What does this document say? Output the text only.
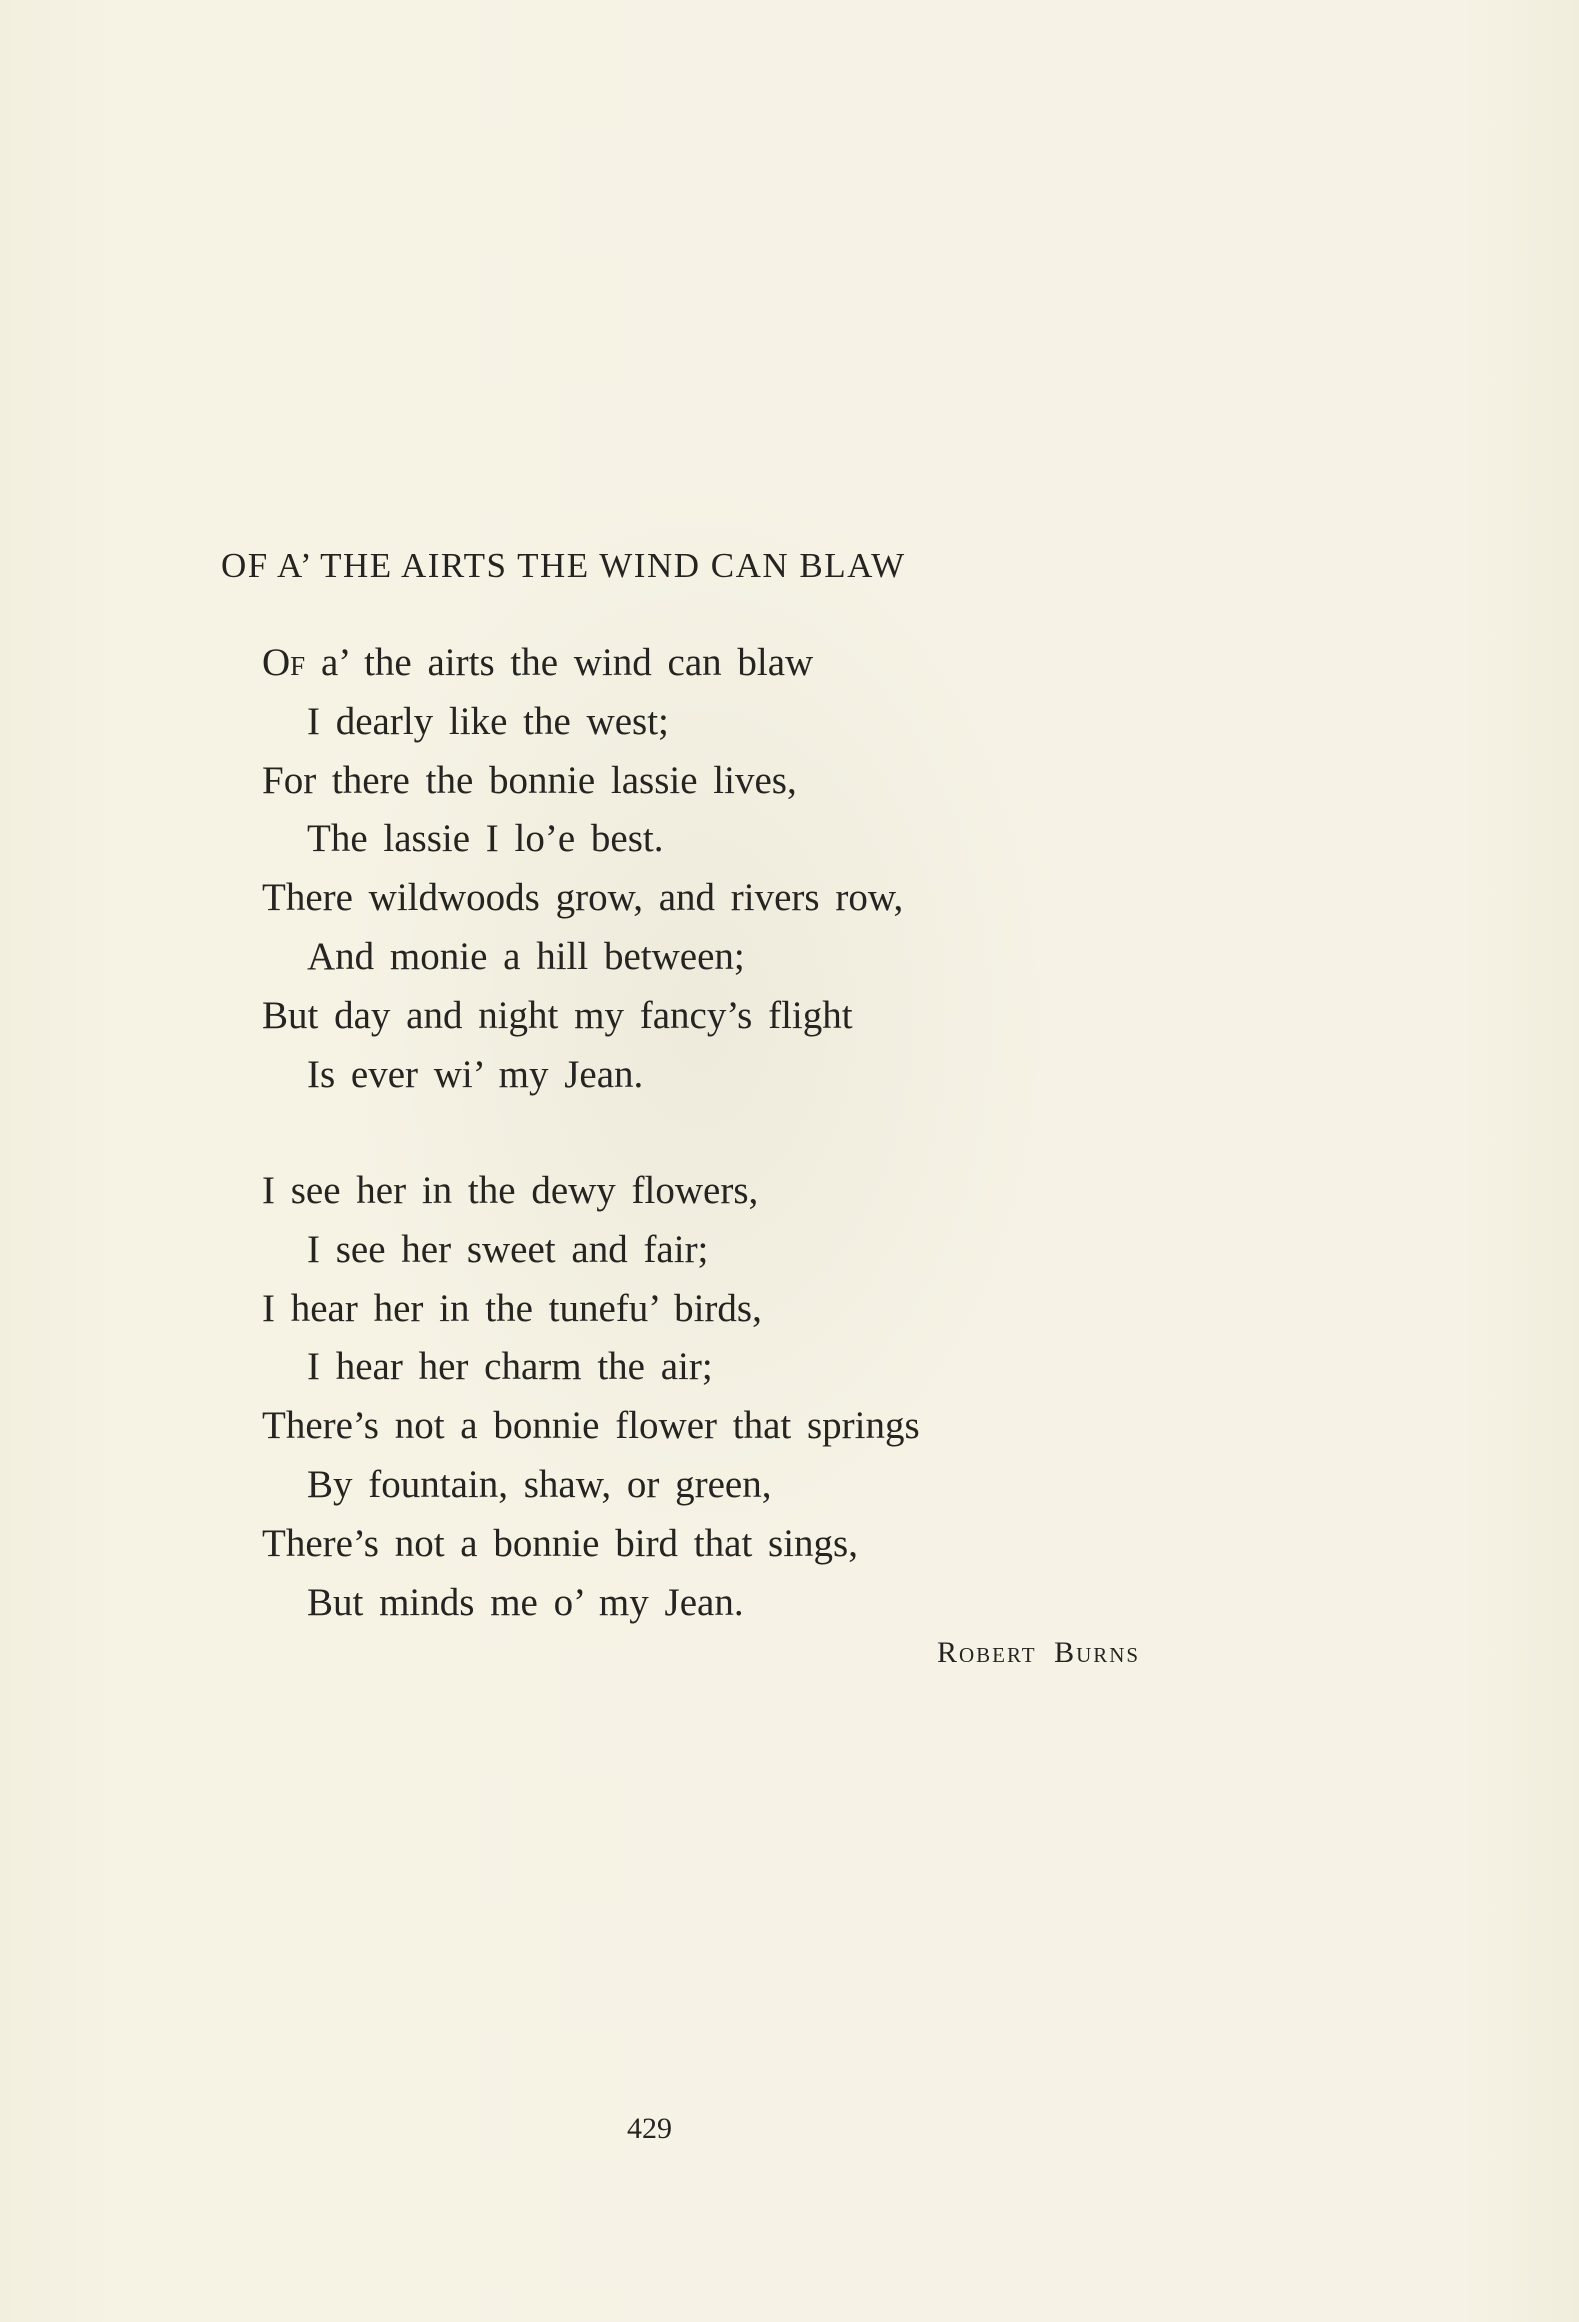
OF A’ THE AIRTS THE WIND CAN BLAW
Of a’ the airts the wind can blaw
I dearly like the west;
For there the bonnie lassie lives,
The lassie I lo’e best.
There wildwoods grow, and rivers row,
And monie a hill between;
But day and night my fancy’s flight
Is ever wi’ my Jean.
I see her in the dewy flowers,
I see her sweet and fair;
I hear her in the tunefu’ birds,
I hear her charm the air;
There’s not a bonnie flower that springs
By fountain, shaw, or green,
There’s not a bonnie bird that sings,
But minds me o’ my Jean.
Robert Burns
429
